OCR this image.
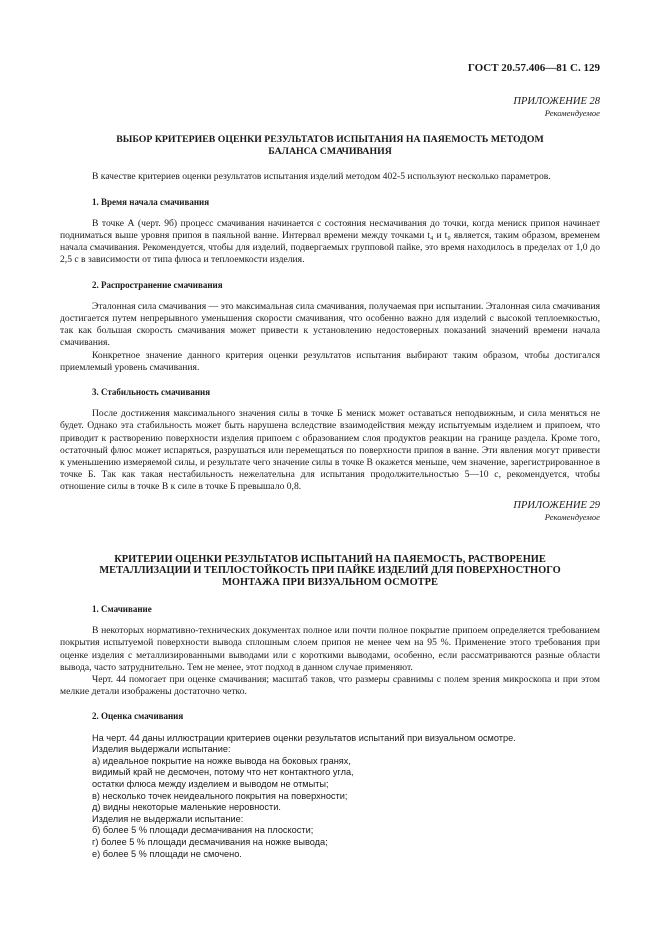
ГОСТ 20.57.406—81 С. 129
ПРИЛОЖЕНИЕ 28
Рекомендуемое
ВЫБОР КРИТЕРИЕВ ОЦЕНКИ РЕЗУЛЬТАТОВ ИСПЫТАНИЯ НА ПАЯЕМОСТЬ МЕТОДОМ БАЛАНСА СМАЧИВАНИЯ

В качестве критериев оценки результатов испытания изделий методом 402-5 используют несколько параметров.

1. Время начала смачивания

В точке А (черт. 9б) процесс смачивания начинается с состояния несмачивания до точки, когда мениск припоя начинает подниматься выше уровня припоя в паяльной ванне. Интервал времени между точками t₄ и t₀ является, таким образом, временем начала смачивания. Рекомендуется, чтобы для изделий, подвергаемых групповой пайке, это время находилось в пределах от 1,0 до 2,5 с в зависимости от типа флюса и теплоемкости изделия.

2. Распространение смачивания

Эталонная сила смачивания — это максимальная сила смачивания, получаемая при испытании. Эталонная сила смачивания достигается путем непрерывного уменьшения скорости смачивания, что особенно важно для изделий с высокой теплоемкостью, так как большая скорость смачивания может привести к установлению недостоверных показаний значений времени начала смачивания.

Конкретное значение данного критерия оценки результатов испытания выбирают таким образом, чтобы достигался приемлемый уровень смачивания.

3. Стабильность смачивания

После достижения максимального значения силы в точке Б мениск может оставаться неподвижным, и сила меняться не будет. Однако эта стабильность может быть нарушена вследствие взаимодействия между испытуемым изделием и припоем, что приводит к растворению поверхности изделия припоем с образованием слоя продуктов реакции на границе раздела. Кроме того, остаточный флюс может испаряться, разрушаться или перемещаться по поверхности припоя в ванне. Эти явления могут привести к уменьшению измеряемой силы, и результате чего значение силы в точке В окажется меньше, чем значение, зарегистрированное в точке Б. Так как такая нестабильность нежелательна для испытания продолжительностью 5—10 с, рекомендуется, чтобы отношение силы в точке В к силе в точке Б превышало 0,8.

ПРИЛОЖЕНИЕ 29
Рекомендуемое
КРИТЕРИИ ОЦЕНКИ РЕЗУЛЬТАТОВ ИСПЫТАНИЙ НА ПАЯЕМОСТЬ, РАСТВОРЕНИЕ МЕТАЛЛИЗАЦИИ И ТЕПЛОСТОЙКОСТЬ ПРИ ПАЙКЕ ИЗДЕЛИЙ ДЛЯ ПОВЕРХНОСТНОГО МОНТАЖА ПРИ ВИЗУАЛЬНОМ ОСМОТРЕ
1. Смачивание

В некоторых нормативно-технических документах полное или почти полное покрытие припоем определяется требованием покрытия испытуемой поверхности вывода сплошным слоем припоя не менее чем на 95 %. Применение этого требования при оценке изделия с металлизированными выводами или с короткими выводами, особенно, если рассматриваются разные области вывода, часто затруднительно. Тем не менее, этот подход в данном случае применяют.

Черт. 44 помогает при оценке смачивания; масштаб таков, что размеры сравнимы с полем зрения микроскопа и при этом мелкие детали изображены достаточно четко.

2. Оценка смачивания

На черт. 44 даны иллюстрации критериев оценки результатов испытаний при визуальном осмотре.

Изделия выдержали испытание:

а) идеальное покрытие на ножке вывода на боковых гранях,

видимый край не десмочен, потому что нет контактного угла,

остатки флюса между изделием и выводом не отмыты;

в) несколько точек неидеального покрытия на поверхности;

д) видны некоторые маленькие неровности.

Изделия не выдержали испытание:

б) более 5 % площади десмачивания на плоскости;

г) более 5 % площади десмачивания на ножке вывода;

е) более 5 % площади не смочено.
